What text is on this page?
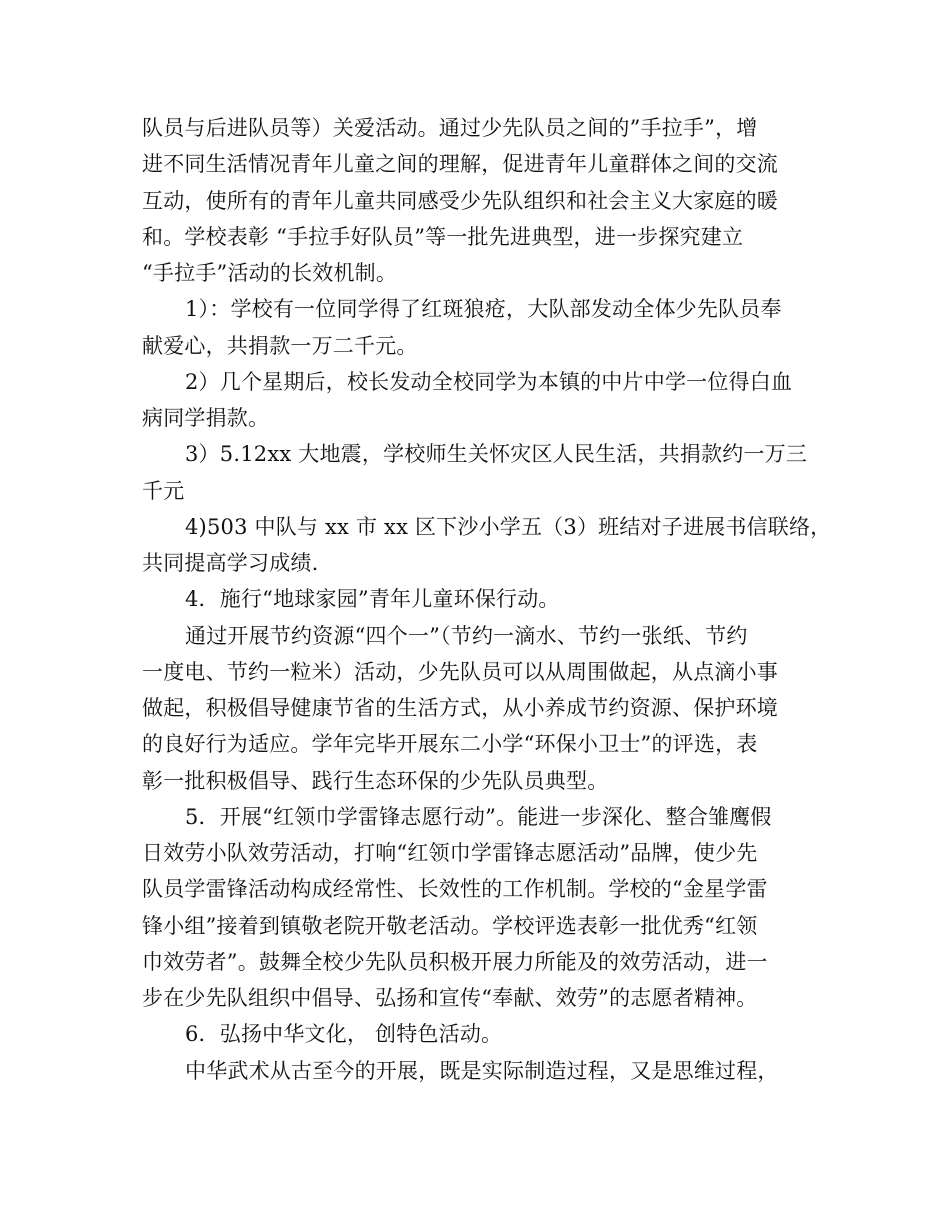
队员与后进队员等）关爱活动。通过少先队员之间的”手拉手”，增
进不同生活情况青年儿童之间的理解，促进青年儿童群体之间的交流
互动，使所有的青年儿童共同感受少先队组织和社会主义大家庭的暖
和。学校表彰 “手拉手好队员”等一批先进典型，进一步探究建立
“手拉手”活动的长效机制。
1）：学校有一位同学得了红斑狼疮，大队部发动全体少先队员奉
献爱心，共捐款一万二千元。
2）几个星期后，校长发动全校同学为本镇的中片中学一位得白血
病同学捐款。
3）5.12xx 大地震，学校师生关怀灾区人民生活，共捐款约一万三
千元
4)503 中队与 xx 市 xx 区下沙小学五（3）班结对子进展书信联络，
共同提高学习成绩.
4．施行“地球家园”青年儿童环保行动。
通过开展节约资源“四个一”（节约一滴水、节约一张纸、节约
一度电、节约一粒米）活动，少先队员可以从周围做起，从点滴小事
做起，积极倡导健康节省的生活方式，从小养成节约资源、保护环境
的良好行为适应。学年完毕开展东二小学“环保小卫士”的评选，表
彰一批积极倡导、践行生态环保的少先队员典型。
5．开展“红领巾学雷锋志愿行动”。能进一步深化、整合雏鹰假
日效劳小队效劳活动，打响“红领巾学雷锋志愿活动”品牌，使少先
队员学雷锋活动构成经常性、长效性的工作机制。学校的“金星学雷
锋小组”接着到镇敬老院开敬老活动。学校评选表彰一批优秀“红领
巾效劳者”。鼓舞全校少先队员积极开展力所能及的效劳活动，进一
步在少先队组织中倡导、弘扬和宣传“奉献、效劳”的志愿者精神。
6．弘扬中华文化， 创特色活动。
中华武术从古至今的开展，既是实际制造过程，又是思维过程，
